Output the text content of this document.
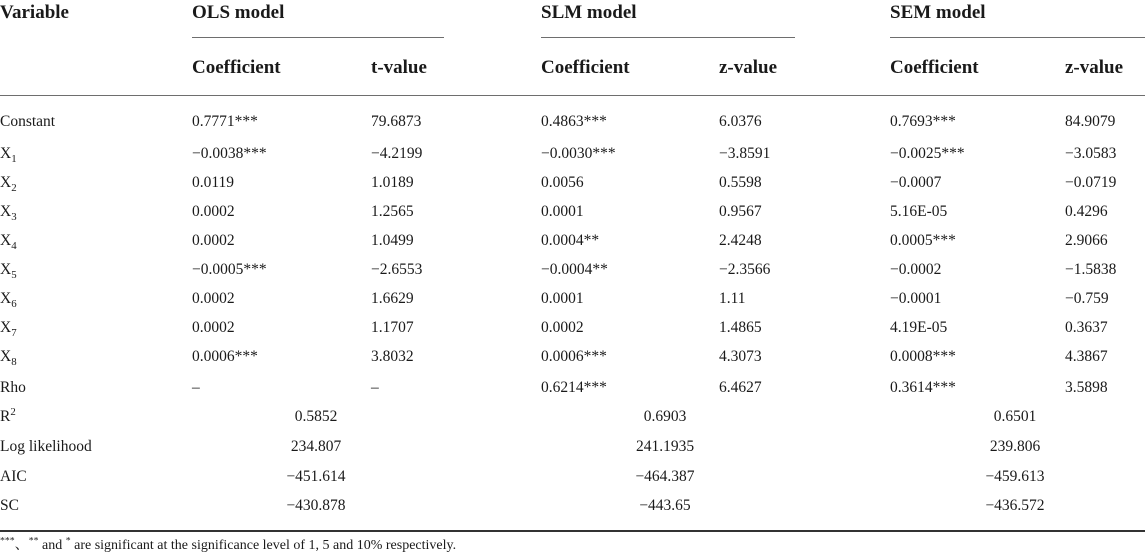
Variable	OLS model	SLM model	SEM model
Coefficient	t-value	Coefficient	z-value	Coefficient	z-value
Constant	0.7771***	79.6873	0.4863***	6.0376	0.7693***	84.9079
$X_1$	−0.0038***	−4.2199	−0.0030***	−3.8591	−0.0025***	−3.0583
$X_2$	0.0119	1.0189	0.0056	0.5598	−0.0007	−0.0719
$X_3$	0.0002	1.2565	0.0001	0.9567	5.16E-05	0.4296
$X_4$	0.0002	1.0499	0.0004**	2.4248	0.0005***	2.9066
$X_5$	−0.0005***	−2.6553	−0.0004**	−2.3566	−0.0002	−1.5838
$X_6$	0.0002	1.6629	0.0001	1.11	−0.0001	−0.759
$X_7$	0.0002	1.1707	0.0002	1.4865	4.19E-05	0.3637
$X_8$	0.0006***	3.8032	0.0006***	4.3073	0.0008***	4.3867
Rho	–	–	0.6214***	6.4627	0.3614***	3.5898
$R^2$	0.5852	0.6903	0.6501
Log likelihood	234.807	241.1935	239.806
AIC	−451.614	−464.387	−459.613
SC	−430.878	−443.65	−436.572
***、** and * are significant at the significance level of 1, 5 and 10% respectively.
